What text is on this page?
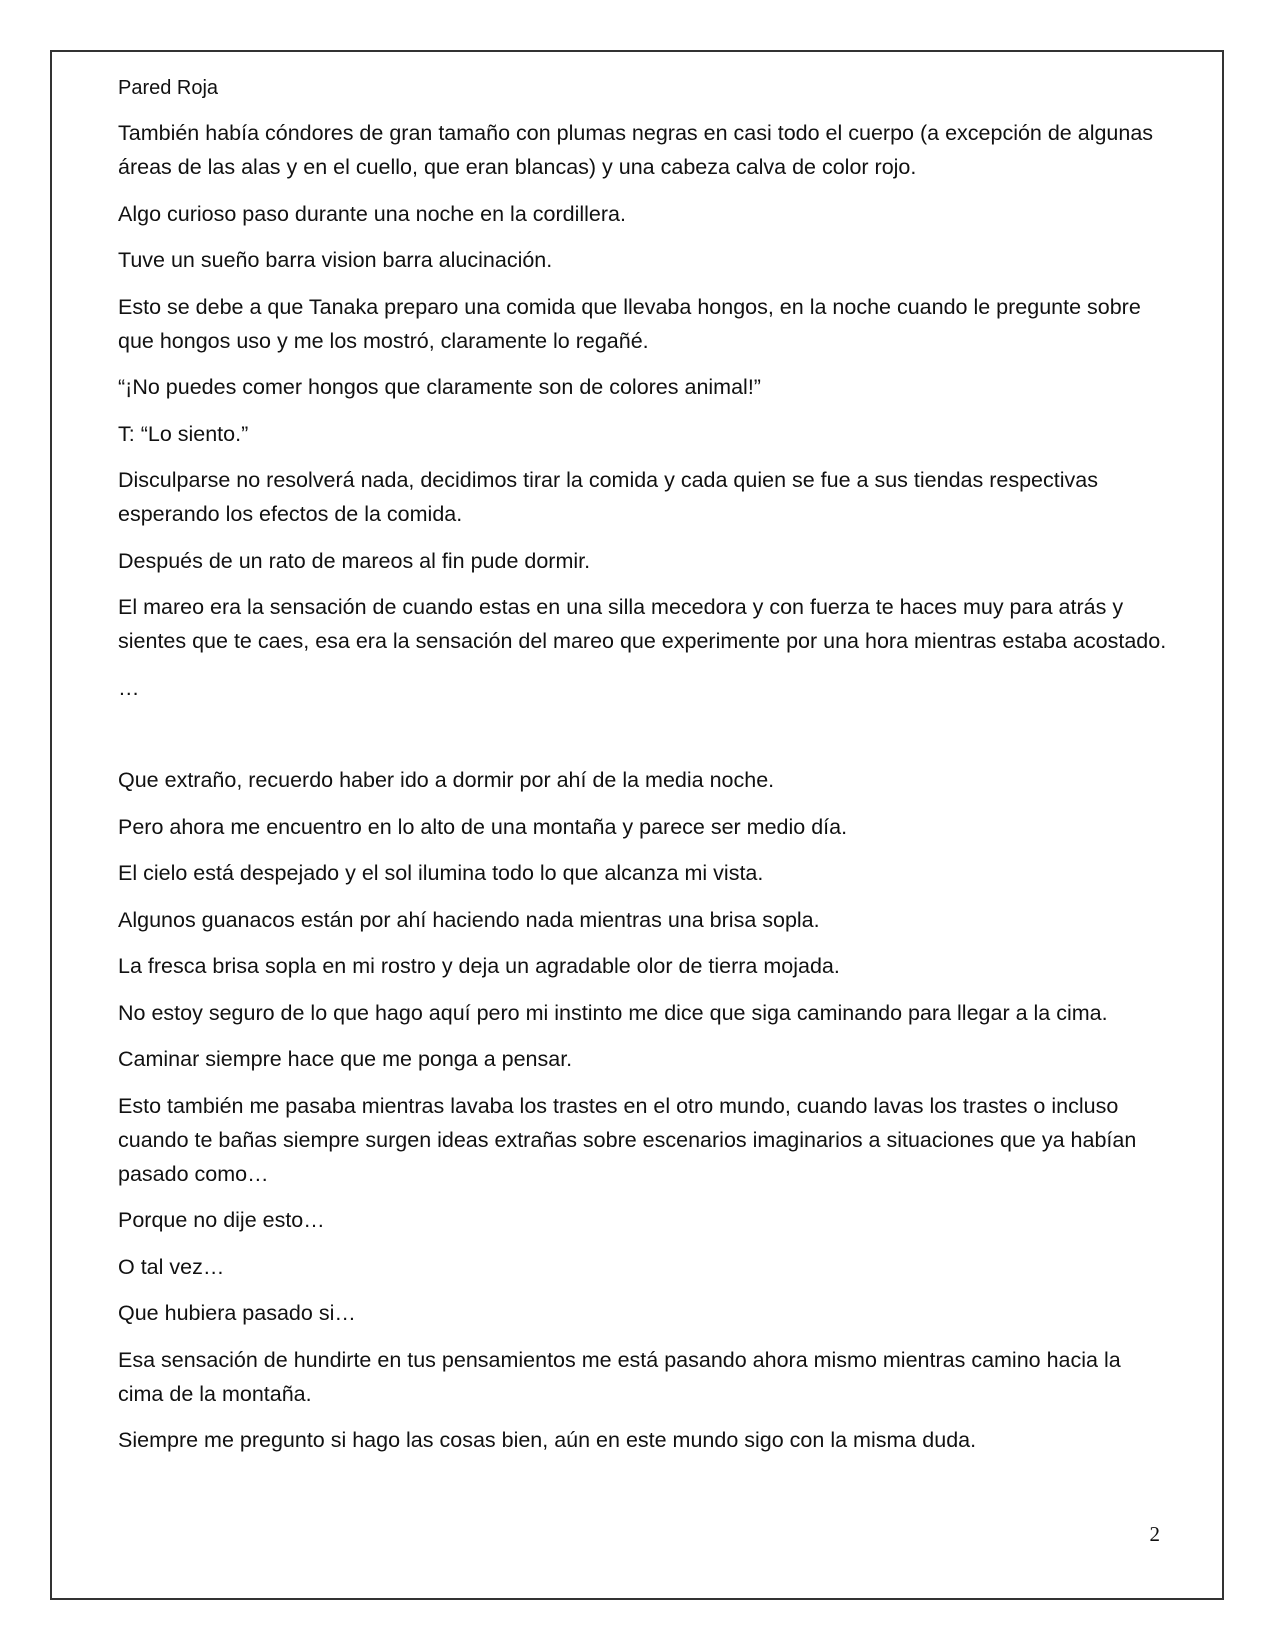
Pared Roja

También había cóndores de gran tamaño con plumas negras en casi todo el cuerpo (a excepción de algunas áreas de las alas y en el cuello, que eran blancas) y una cabeza calva de color rojo.

Algo curioso paso durante una noche en la cordillera.

Tuve un sueño barra vision barra alucinación.

Esto se debe a que Tanaka preparo una comida que llevaba hongos, en la noche cuando le pregunte sobre que hongos uso y me los mostró, claramente lo regañé.

“¡No puedes comer hongos que claramente son de colores animal!”

T: “Lo siento.”

Disculparse no resolverá nada, decidimos tirar la comida y cada quien se fue a sus tiendas respectivas esperando los efectos de la comida.

Después de un rato de mareos al fin pude dormir.

El mareo era la sensación de cuando estas en una silla mecedora y con fuerza te haces muy para atrás y sientes que te caes, esa era la sensación del mareo que experimente por una hora mientras estaba acostado.

…

Que extraño, recuerdo haber ido a dormir por ahí de la media noche.

Pero ahora me encuentro en lo alto de una montaña y parece ser medio día.

El cielo está despejado y el sol ilumina todo lo que alcanza mi vista.

Algunos guanacos están por ahí haciendo nada mientras una brisa sopla.

La fresca brisa sopla en mi rostro y deja un agradable olor de tierra mojada.

No estoy seguro de lo que hago aquí pero mi instinto me dice que siga caminando para llegar a la cima.

Caminar siempre hace que me ponga a pensar.

Esto también me pasaba mientras lavaba los trastes en el otro mundo, cuando lavas los trastes o incluso cuando te bañas siempre surgen ideas extrañas sobre escenarios imaginarios a situaciones que ya habían pasado como…

Porque no dije esto…

O tal vez…

Que hubiera pasado si…

Esa sensación de hundirte en tus pensamientos me está pasando ahora mismo mientras camino hacia la cima de la montaña.

Siempre me pregunto si hago las cosas bien, aún en este mundo sigo con la misma duda.

2
